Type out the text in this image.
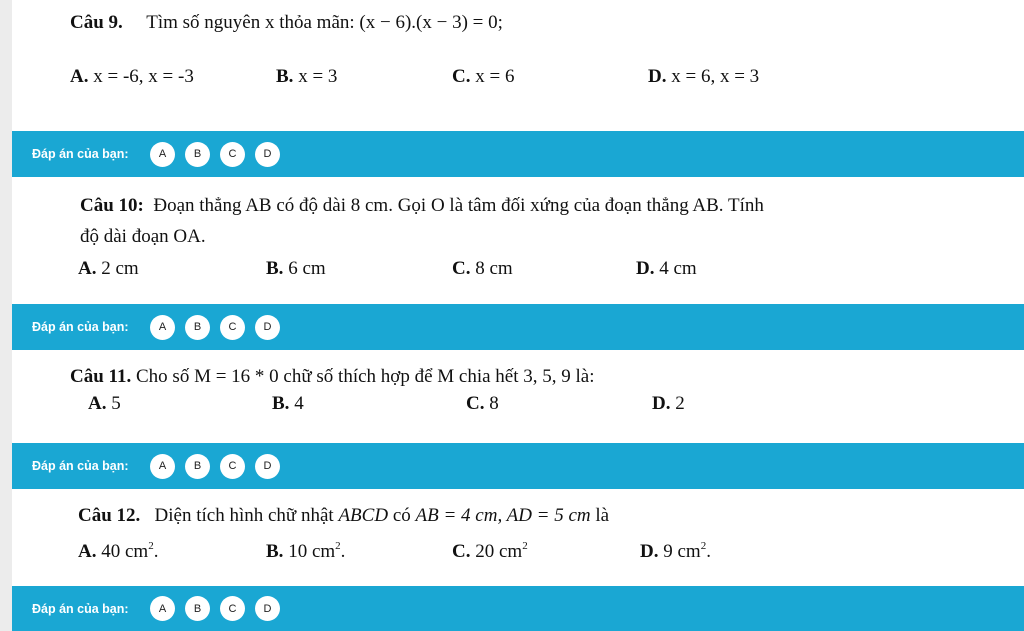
Câu 9. Tìm số nguyên x thỏa mãn: (x − 6).(x − 3) = 0;
A. x = -6, x = -3	B. x = 3	C. x = 6	D. x = 6, x = 3
Đáp án của bạn:	A	B	C	D
Câu 10: Đoạn thẳng AB có độ dài 8 cm. Gọi O là tâm đối xứng của đoạn thẳng AB. Tính
độ dài đoạn OA.
A. 2 cm	B. 6 cm	C. 8 cm	D. 4 cm
Đáp án của bạn:	A	B	C	D
Câu 11. Cho số M = 16 * 0 chữ số thích hợp để M chia hết 3, 5, 9 là:
A. 5	B. 4	C. 8	D. 2
Đáp án của bạn:	A	B	C	D
Câu 12. Diện tích hình chữ nhật ABCD có AB = 4 cm, AD = 5 cm là
A. 40 $cm^2$.	B. 10 $cm^2$.	C. 20 $cm^2$	D. 9 $cm^2$.
Đáp án của bạn:	A	B	C	D
